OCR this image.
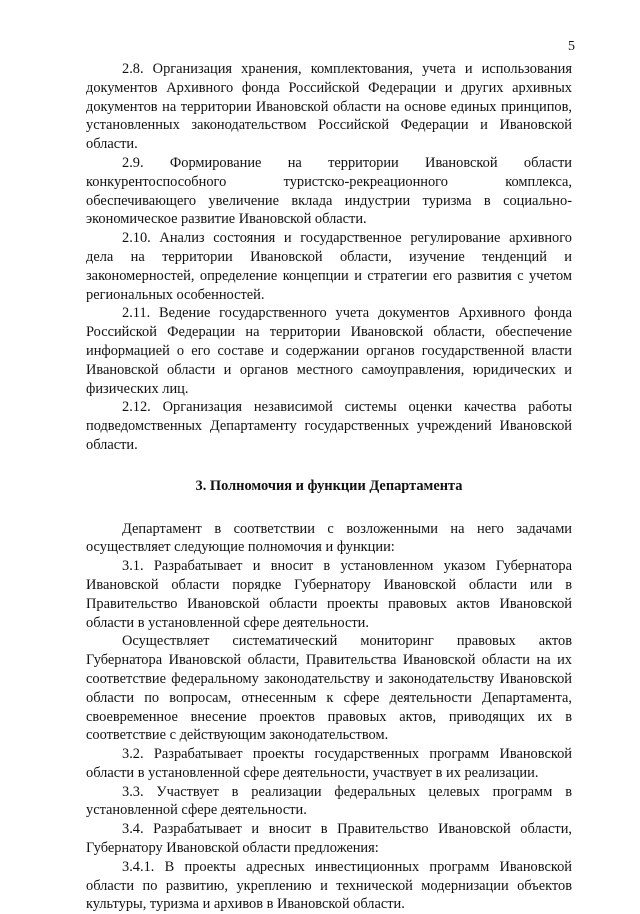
5

2.8. Организация хранения, комплектования, учета и использования документов Архивного фонда Российской Федерации и других архивных документов на территории Ивановской области на основе единых принципов, установленных законодательством Российской Федерации и Ивановской области.

2.9. Формирование на территории Ивановской области конкурентоспособного туристско-рекреационного комплекса, обеспечивающего увеличение вклада индустрии туризма в социально-экономическое развитие Ивановской области.

2.10. Анализ состояния и государственное регулирование архивного дела на территории Ивановской области, изучение тенденций и закономерностей, определение концепции и стратегии его развития с учетом региональных особенностей.

2.11. Ведение государственного учета документов Архивного фонда Российской Федерации на территории Ивановской области, обеспечение информацией о его составе и содержании органов государственной власти Ивановской области и органов местного самоуправления, юридических и физических лиц.

2.12. Организация независимой системы оценки качества работы подведомственных Департаменту государственных учреждений Ивановской области.

3. Полномочия и функции Департамента

Департамент в соответствии с возложенными на него задачами осуществляет следующие полномочия и функции:

3.1. Разрабатывает и вносит в установленном указом Губернатора Ивановской области порядке Губернатору Ивановской области или в Правительство Ивановской области проекты правовых актов Ивановской области в установленной сфере деятельности.

Осуществляет систематический мониторинг правовых актов Губернатора Ивановской области, Правительства Ивановской области на их соответствие федеральному законодательству и законодательству Ивановской области по вопросам, отнесенным к сфере деятельности Департамента, своевременное внесение проектов правовых актов, приводящих их в соответствие с действующим законодательством.

3.2. Разрабатывает проекты государственных программ Ивановской области в установленной сфере деятельности, участвует в их реализации.

3.3. Участвует в реализации федеральных целевых программ в установленной сфере деятельности.

3.4. Разрабатывает и вносит в Правительство Ивановской области, Губернатору Ивановской области предложения:

3.4.1. В проекты адресных инвестиционных программ Ивановской области по развитию, укреплению и технической модернизации объектов культуры, туризма и архивов в Ивановской области.
